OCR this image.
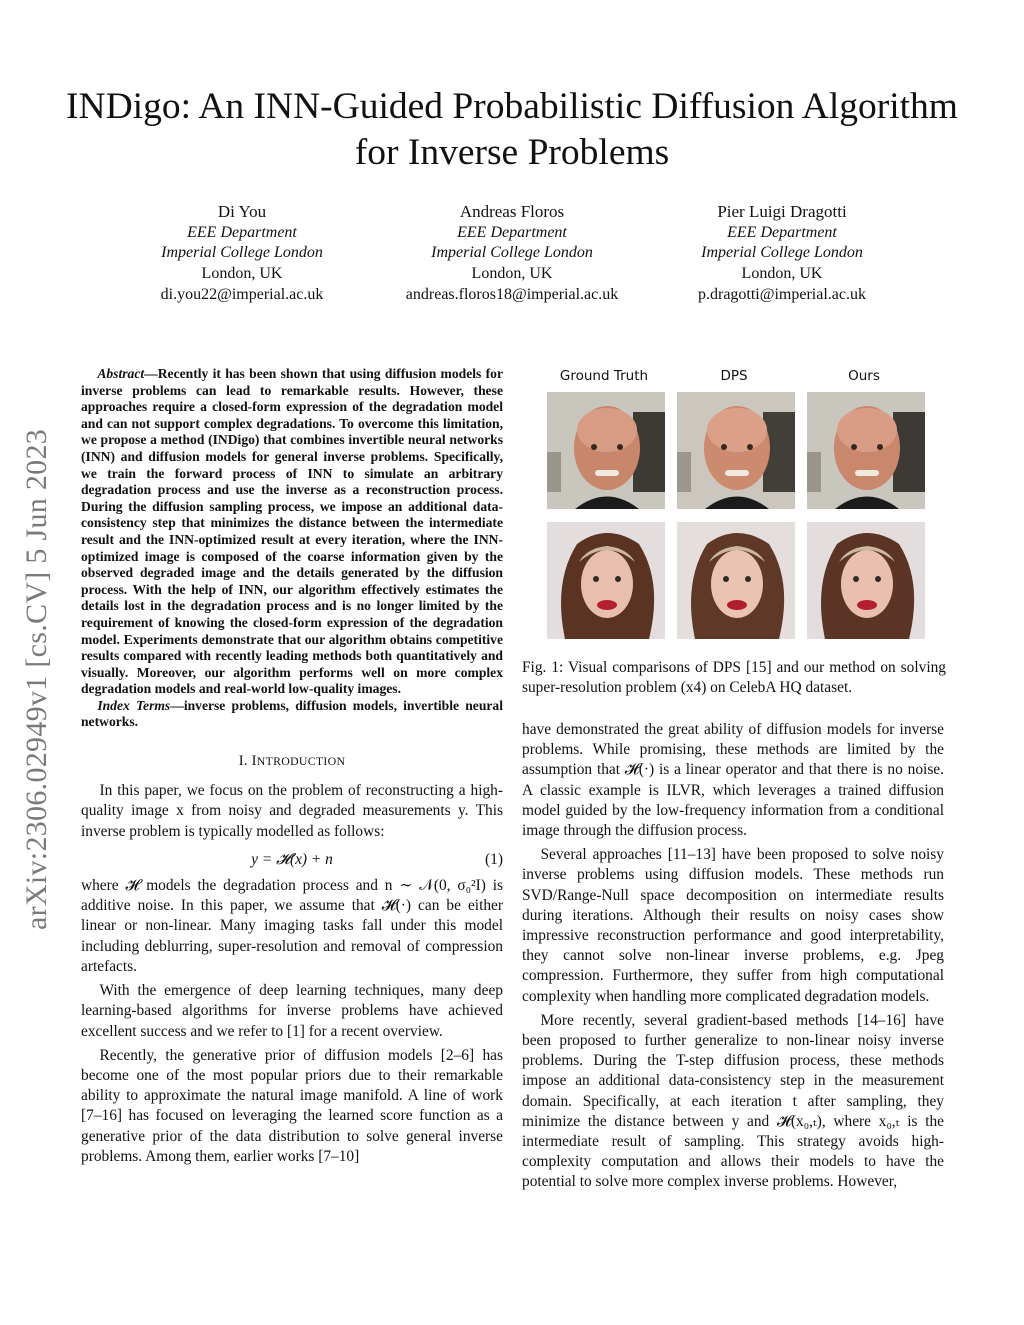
INDigo: An INN-Guided Probabilistic Diffusion Algorithm for Inverse Problems
Di You
EEE Department
Imperial College London
London, UK
di.you22@imperial.ac.uk
Andreas Floros
EEE Department
Imperial College London
London, UK
andreas.floros18@imperial.ac.uk
Pier Luigi Dragotti
EEE Department
Imperial College London
London, UK
p.dragotti@imperial.ac.uk
arXiv:2306.02949v1 [cs.CV] 5 Jun 2023

Abstract—Recently it has been shown that using diffusion models for inverse problems can lead to remarkable results. However, these approaches require a closed-form expression of the degradation model and can not support complex degradations. To overcome this limitation, we propose a method (INDigo) that combines invertible neural networks (INN) and diffusion models for general inverse problems. Specifically, we train the forward process of INN to simulate an arbitrary degradation process and use the inverse as a reconstruction process. During the diffusion sampling process, we impose an additional data-consistency step that minimizes the distance between the intermediate result and the INN-optimized result at every iteration, where the INN-optimized image is composed of the coarse information given by the observed degraded image and the details generated by the diffusion process. With the help of INN, our algorithm effectively estimates the details lost in the degradation process and is no longer limited by the requirement of knowing the closed-form expression of the degradation model. Experiments demonstrate that our algorithm obtains competitive results compared with recently leading methods both quantitatively and visually. Moreover, our algorithm performs well on more complex degradation models and real-world low-quality images.

Index Terms—inverse problems, diffusion models, invertible neural networks.

I. INTRODUCTION

In this paper, we focus on the problem of reconstructing a high-quality image x from noisy and degraded measurements y. This inverse problem is typically modelled as follows:

y = 𝓗(x) + n	(1)

where 𝓗 models the degradation process and n ∼ 𝒩(0, σ₀²I) is additive noise. In this paper, we assume that 𝓗(·) can be either linear or non-linear. Many imaging tasks fall under this model including deblurring, super-resolution and removal of compression artefacts.

With the emergence of deep learning techniques, many deep learning-based algorithms for inverse problems have achieved excellent success and we refer to [1] for a recent overview.

Recently, the generative prior of diffusion models [2–6] has become one of the most popular priors due to their remarkable ability to approximate the natural image manifold. A line of work [7–16] has focused on leveraging the learned score function as a generative prior of the data distribution to solve general inverse problems. Among them, earlier works [7–10]

Ground Truth	DPS	Ours
Fig. 1: Visual comparisons of DPS [15] and our method on solving super-resolution problem (x4) on CelebA HQ dataset.

have demonstrated the great ability of diffusion models for inverse problems. While promising, these methods are limited by the assumption that 𝓗(·) is a linear operator and that there is no noise. A classic example is ILVR, which leverages a trained diffusion model guided by the low-frequency information from a conditional image through the diffusion process.

Several approaches [11–13] have been proposed to solve noisy inverse problems using diffusion models. These methods run SVD/Range-Null space decomposition on intermediate results during iterations. Although their results on noisy cases show impressive reconstruction performance and good interpretability, they cannot solve non-linear inverse problems, e.g. Jpeg compression. Furthermore, they suffer from high computational complexity when handling more complicated degradation models.

More recently, several gradient-based methods [14–16] have been proposed to further generalize to non-linear noisy inverse problems. During the T-step diffusion process, these methods impose an additional data-consistency step in the measurement domain. Specifically, at each iteration t after sampling, they minimize the distance between y and 𝓗(x₀,ₜ), where x₀,ₜ is the intermediate result of sampling. This strategy avoids high-complexity computation and allows their models to have the potential to solve more complex inverse problems. However,
